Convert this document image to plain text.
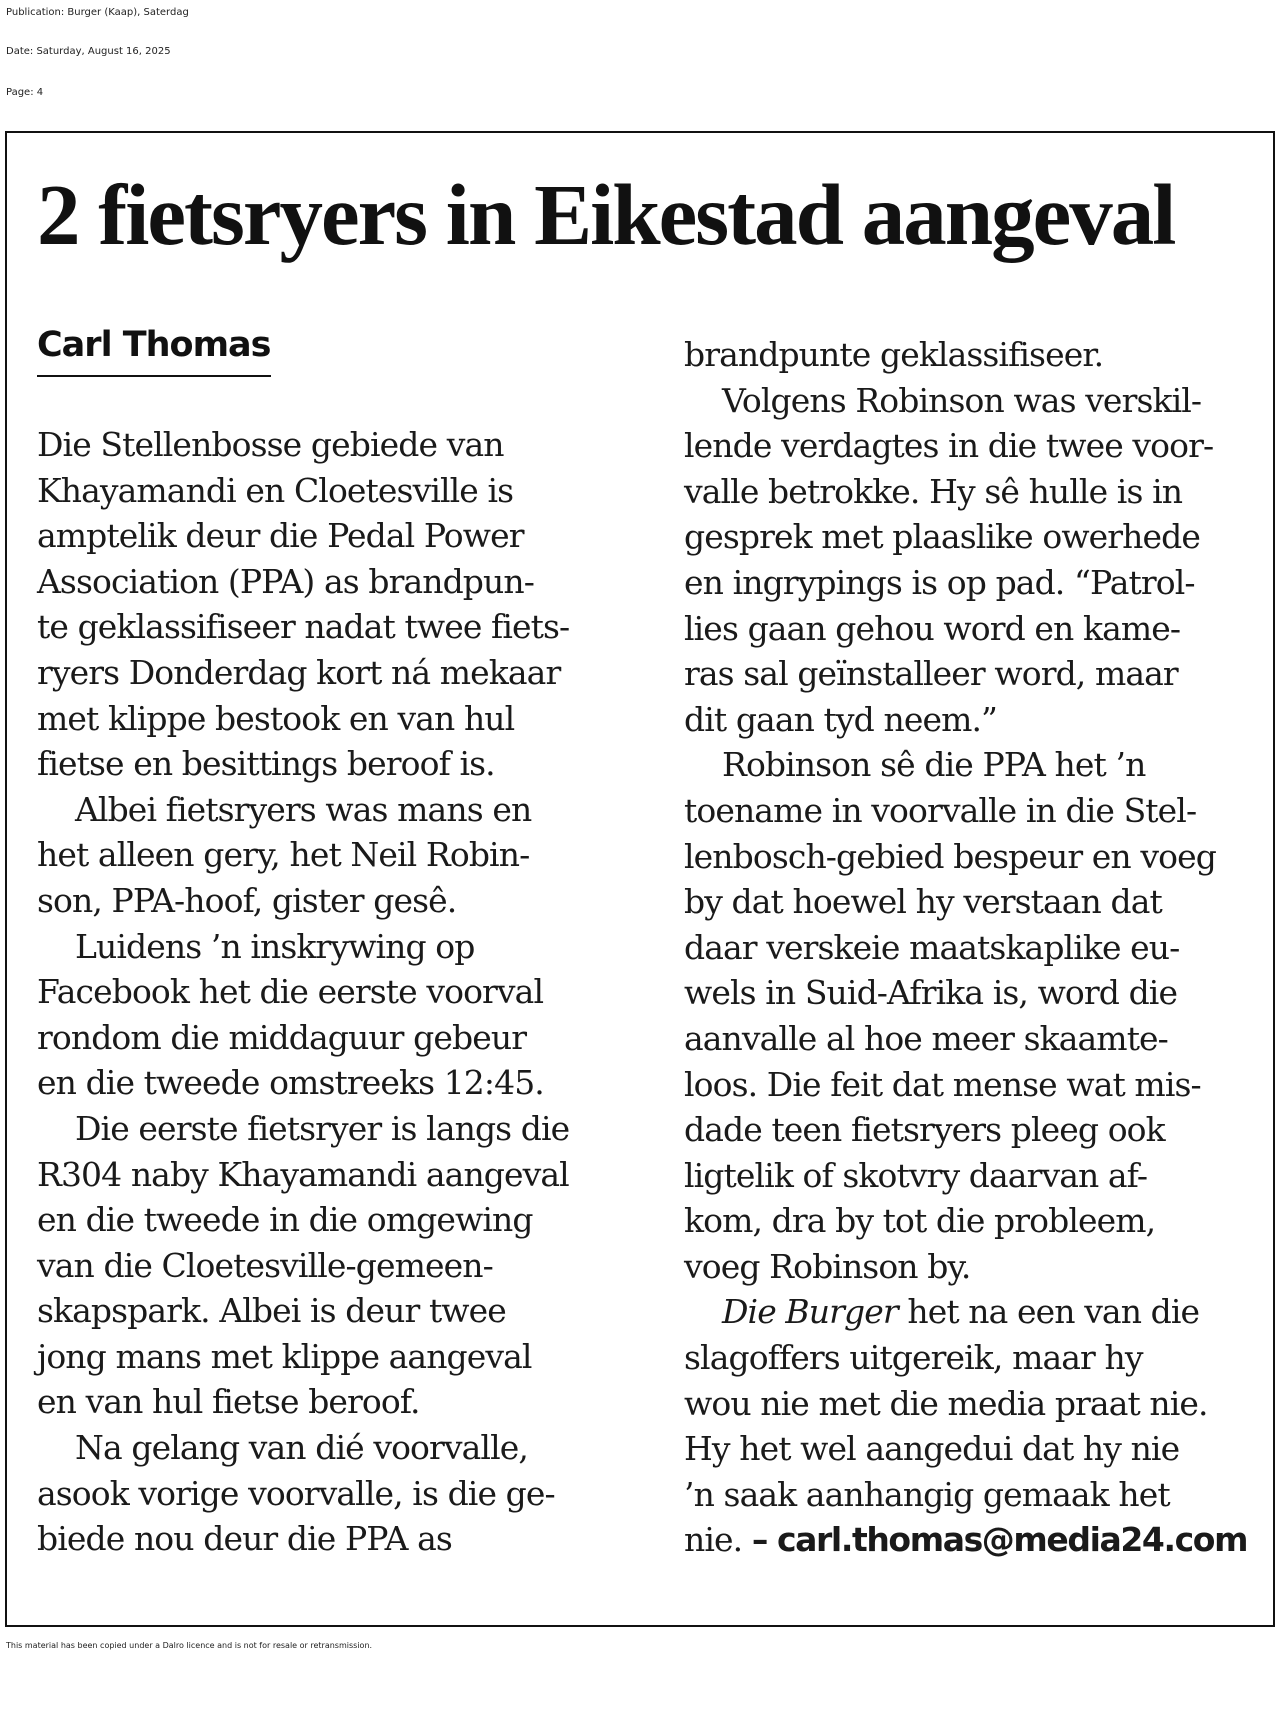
Publication: Burger (Kaap), Saterdag

Date: Saturday, August 16, 2025

Page: 4

2 fietsryers in Eikestad aangeval
Carl Thomas
Die Stellenbosse gebiede van
Khayamandi en Cloetesville is
amptelik deur die Pedal Power
Association (PPA) as brandpun-
te geklassifiseer nadat twee fiets-
ryers Donderdag kort ná mekaar
met klippe bestook en van hul
fietse en besittings beroof is.
Albei fietsryers was mans en
het alleen gery, het Neil Robin-
son, PPA-hoof, gister gesê.
Luidens ’n inskrywing op
Facebook het die eerste voorval
rondom die middaguur gebeur
en die tweede omstreeks 12:45.
Die eerste fietsryer is langs die
R304 naby Khayamandi aangeval
en die tweede in die omgewing
van die Cloetesville-gemeen-
skapspark. Albei is deur twee
jong mans met klippe aangeval
en van hul fietse beroof.
Na gelang van dié voorvalle,
asook vorige voorvalle, is die ge-
biede nou deur die PPA as
brandpunte geklassifiseer.
Volgens Robinson was verskil-
lende verdagtes in die twee voor-
valle betrokke. Hy sê hulle is in
gesprek met plaaslike owerhede
en ingrypings is op pad. “Patrol-
lies gaan gehou word en kame-
ras sal geïnstalleer word, maar
dit gaan tyd neem.”
Robinson sê die PPA het ’n
toename in voorvalle in die Stel-
lenbosch-gebied bespeur en voeg
by dat hoewel hy verstaan dat
daar verskeie maatskaplike eu-
wels in Suid-Afrika is, word die
aanvalle al hoe meer skaamte-
loos. Die feit dat mense wat mis-
dade teen fietsryers pleeg ook
ligtelik of skotvry daarvan af-
kom, dra by tot die probleem,
voeg Robinson by.
Die Burger het na een van die
slagoffers uitgereik, maar hy
wou nie met die media praat nie.
Hy het wel aangedui dat hy nie
’n saak aanhangig gemaak het
nie. – carl.thomas@media24.com

This material has been copied under a Dalro licence and is not for resale or retransmission.
